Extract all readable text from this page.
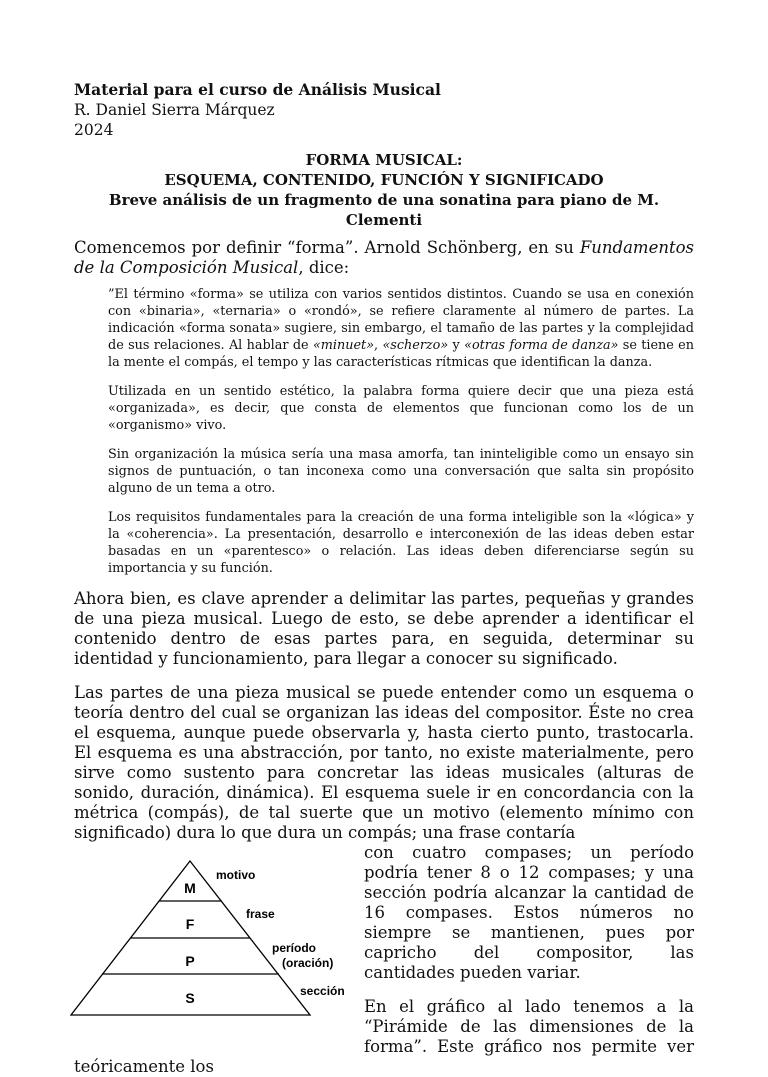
Material para el curso de Análisis Musical
R. Daniel Sierra Márquez
2024
FORMA MUSICAL:
ESQUEMA, CONTENIDO, FUNCIÓN Y SIGNIFICADO
Breve análisis de un fragmento de una sonatina para piano de M. Clementi

Comencemos por definir “forma”. Arnold Schönberg, en su Fundamentos de la Composición Musical, dice:

”El término «forma» se utiliza con varios sentidos distintos. Cuando se usa en conexión con «binaria», «ternaria» o «rondó», se refiere claramente al número de partes. La indicación «forma sonata» sugiere, sin embargo, el tamaño de las partes y la complejidad de sus relaciones. Al hablar de «minuet», «scherzo» y «otras forma de danza» se tiene en la mente el compás, el tempo y las características rítmicas que identifican la danza.

Utilizada en un sentido estético, la palabra forma quiere decir que una pieza está «organizada», es decir, que consta de elementos que funcionan como los de un «organismo» vivo.

Sin organización la música sería una masa amorfa, tan ininteligible como un ensayo sin signos de puntuación, o tan inconexa como una conversación que salta sin propósito alguno de un tema a otro.

Los requisitos fundamentales para la creación de una forma inteligible son la «lógica» y la «coherencia». La presentación, desarrollo e interconexión de las ideas deben estar basadas en un «parentesco» o relación. Las ideas deben diferenciarse según su importancia y su función.

Ahora bien, es clave aprender a delimitar las partes, pequeñas y grandes de una pieza musical. Luego de esto, se debe aprender a identificar el contenido dentro de esas partes para, en seguida, determinar su identidad y funcionamiento, para llegar a conocer su significado.

Las partes de una pieza musical se puede entender como un esquema o teoría dentro del cual se organizan las ideas del compositor. Éste no crea el esquema, aunque puede observarla y, hasta cierto punto, trastocarla. El esquema es una abstracción, por tanto, no existe materialmente, pero sirve como sustento para concretar las ideas musicales (alturas de sonido, duración, dinámica). El esquema suele ir en concordancia con la métrica (compás), de tal suerte que un motivo (elemento mínimo con significado) dura lo que dura un compás; una frase contaría

M
F
P
S
motivo
frase
período
(oración)
sección

con cuatro compases; un período podría tener 8 o 12 compases; y una sección podría alcanzar la cantidad de 16 compases. Estos números no siempre se mantienen, pues por capricho del compositor, las cantidades pueden variar.

En el gráfico al lado tenemos a la “Pirámide de las dimensiones de la forma”. Este gráfico nos permite ver teóricamente los
